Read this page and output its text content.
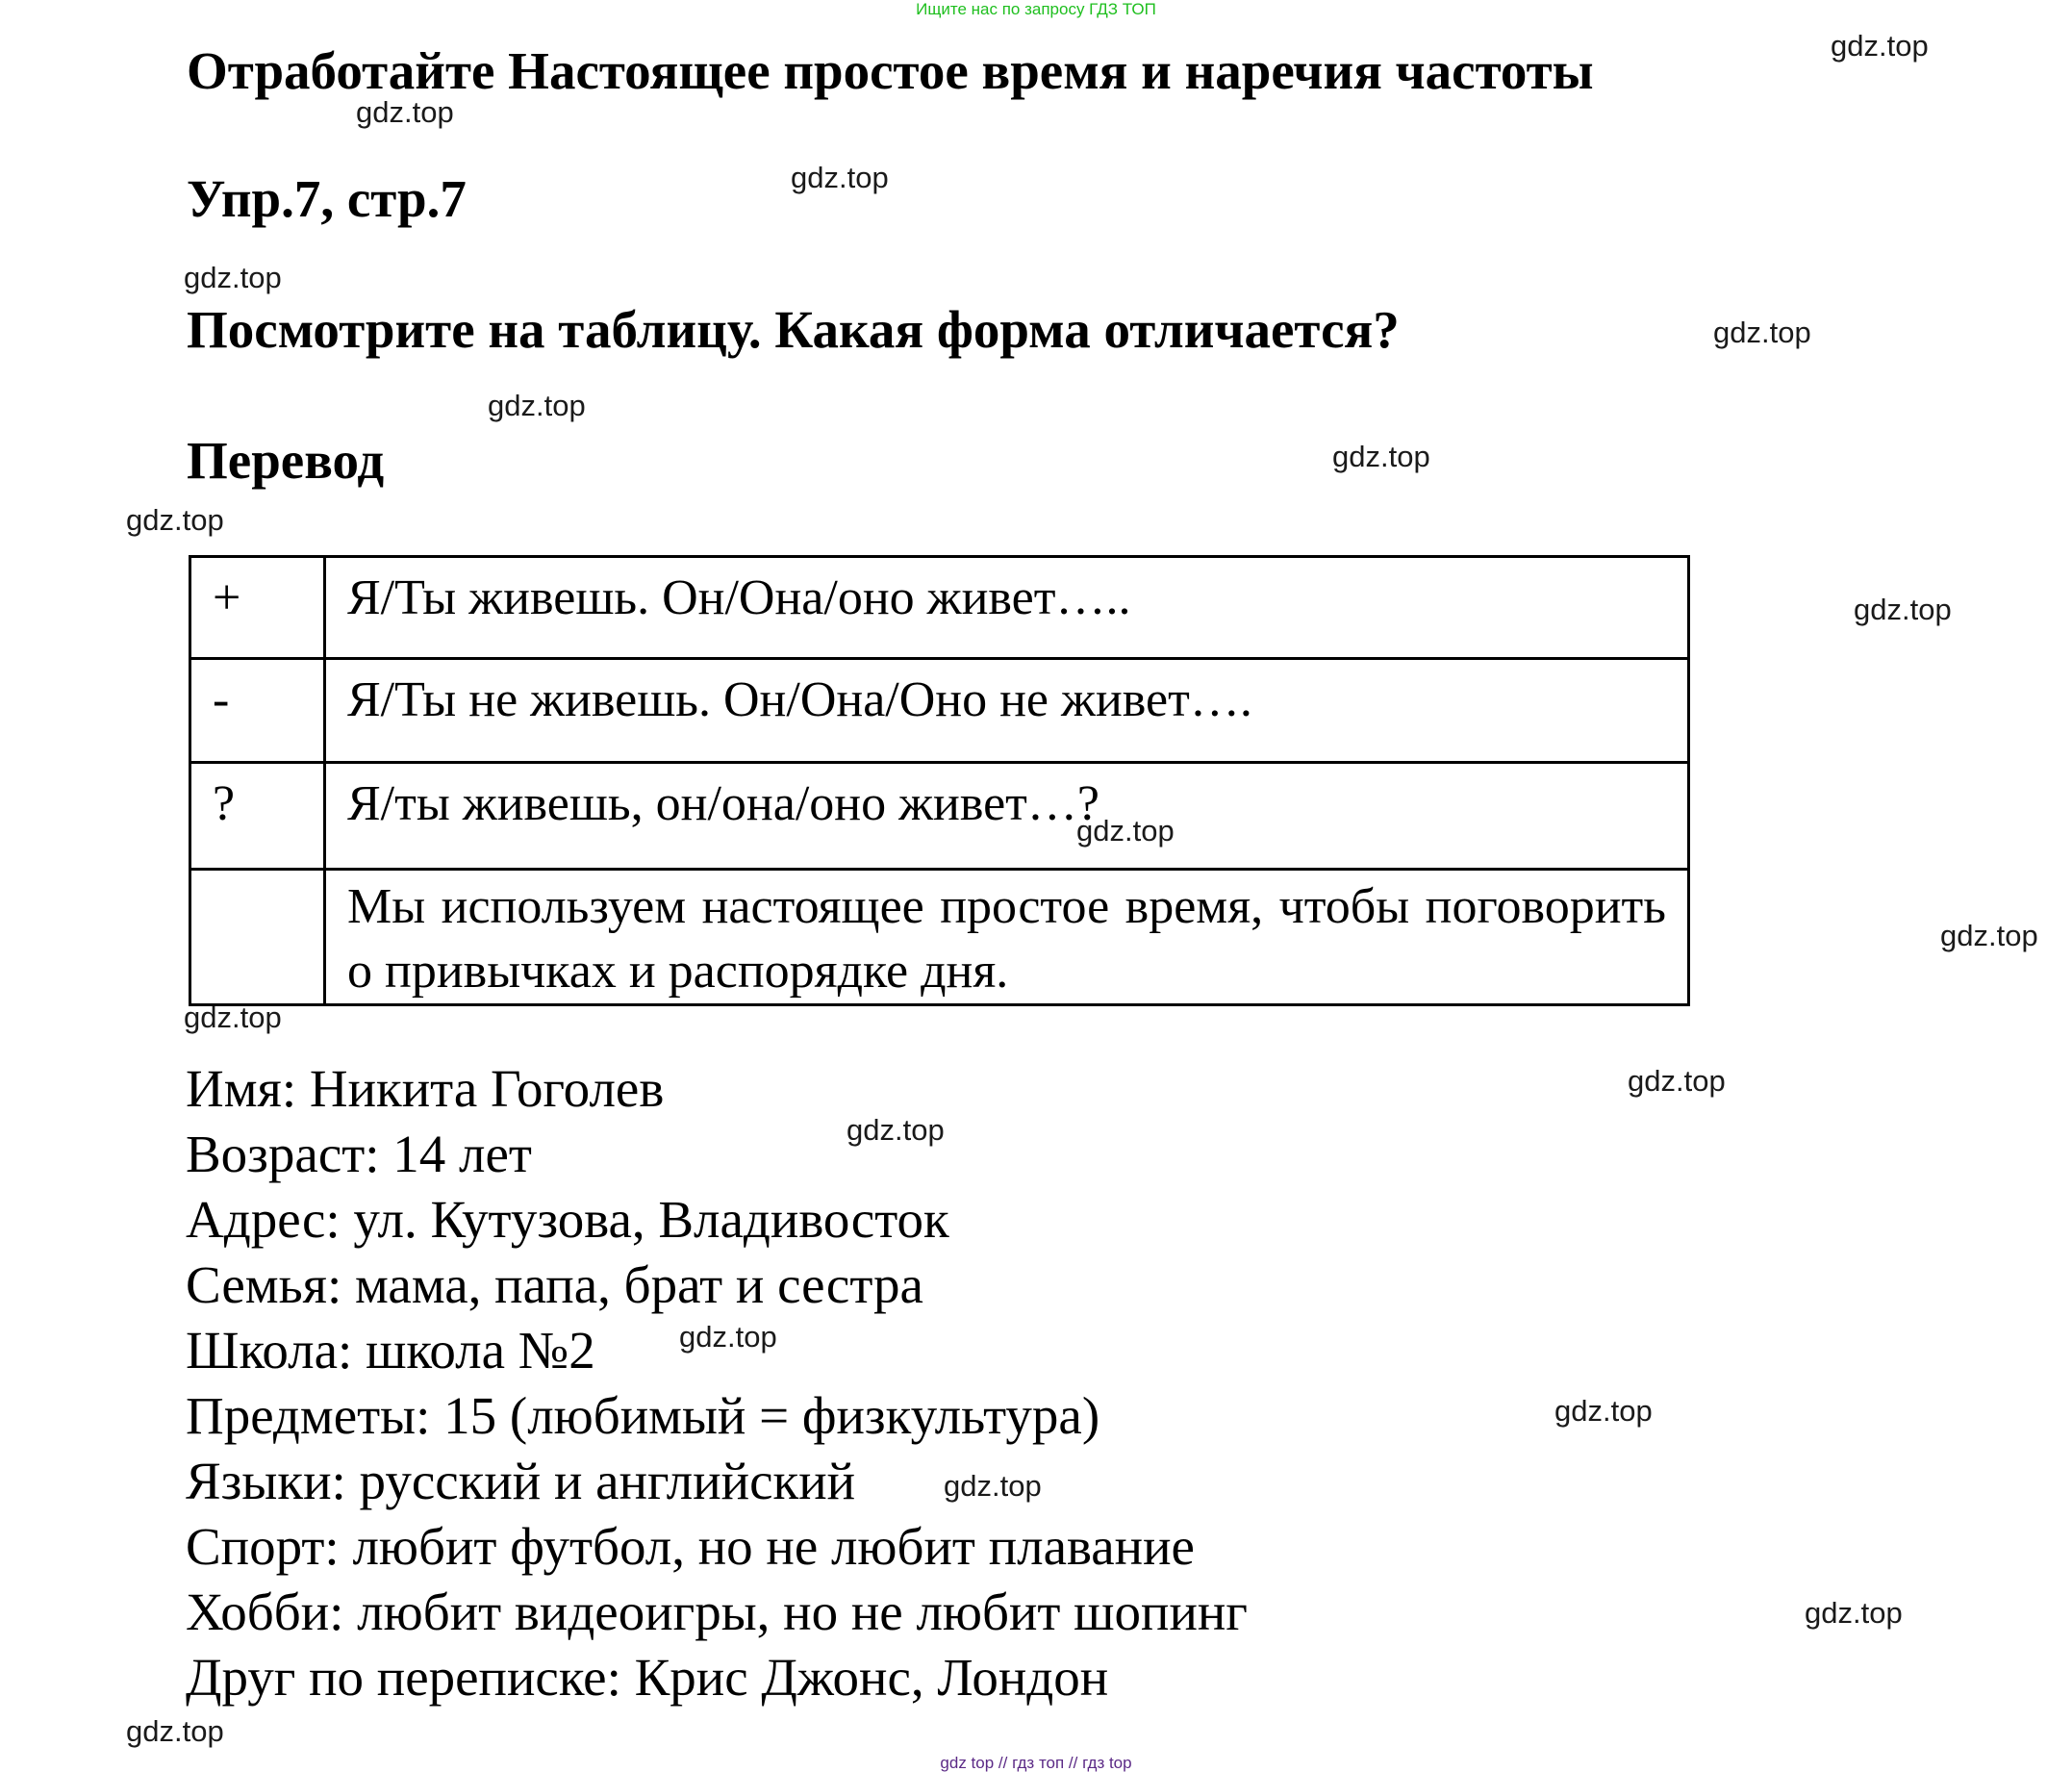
Ищите нас по запросу ГДЗ ТОП
Отработайте Настоящее простое время и наречия частоты
Упр.7, стр.7
Посмотрите на таблицу. Какая форма отличается?
Перевод
+	Я/Ты живешь. Он/Она/оно живет…..
-	Я/Ты не живешь. Он/Она/Оно не живет….
?	Я/ты живешь, он/она/оно живет…?
	Мы используем настоящее простое время, чтобы поговорить о привычках и распорядке дня.
Имя: Никита Гоголев
Возраст: 14 лет
Адрес: ул. Кутузова, Владивосток
Семья: мама, папа, брат и сестра
Школа: школа №2
Предметы: 15 (любимый = физкультура)
Языки: русский и английский
Спорт: любит футбол, но не любит плавание
Хобби: любит видеоигры, но не любит шопинг
Друг по переписке: Крис Джонс, Лондон
gdz.top
gdz.top
gdz.top
gdz.top
gdz.top
gdz.top
gdz.top
gdz.top
gdz.top
gdz.top
gdz.top
gdz.top
gdz.top
gdz.top
gdz.top
gdz.top
gdz.top
gdz.top
gdz.top
gdz top // гдз топ // гдз top
